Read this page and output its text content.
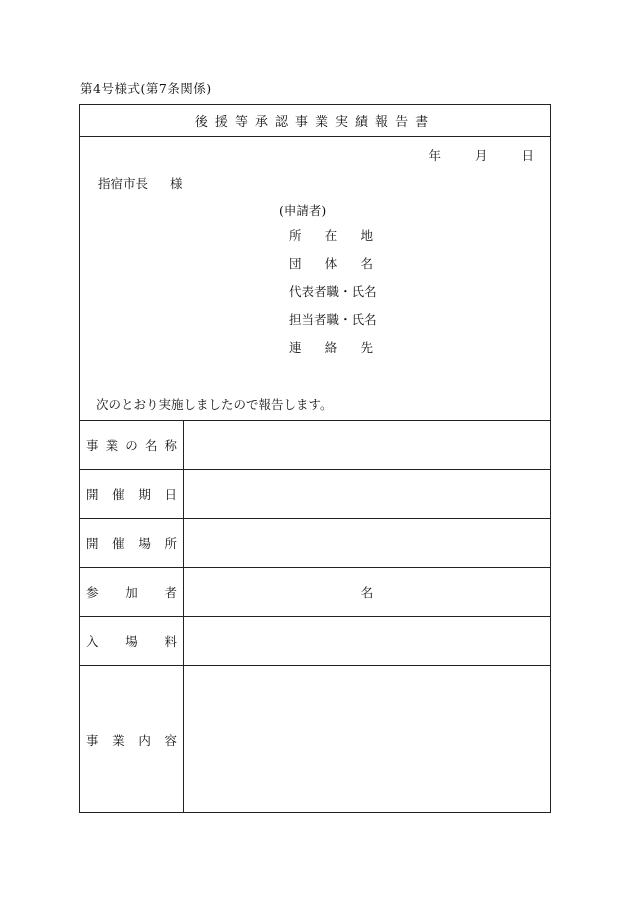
第4号様式(第7条関係)
後 援 等 承 認 事 業 実 績 報 告 書
年	月	日
指宿市長 様
(申請者)
所 在 地
団 体 名
代 表 者 職 ・ 氏 名
担 当 者 職 ・ 氏 名
連 絡 先
次のとおり実施しましたので報告します。
事 業 の 名 称
開 催 期 日
開 催 場 所
参 加 者	名
入 場 料
事 業 内 容
